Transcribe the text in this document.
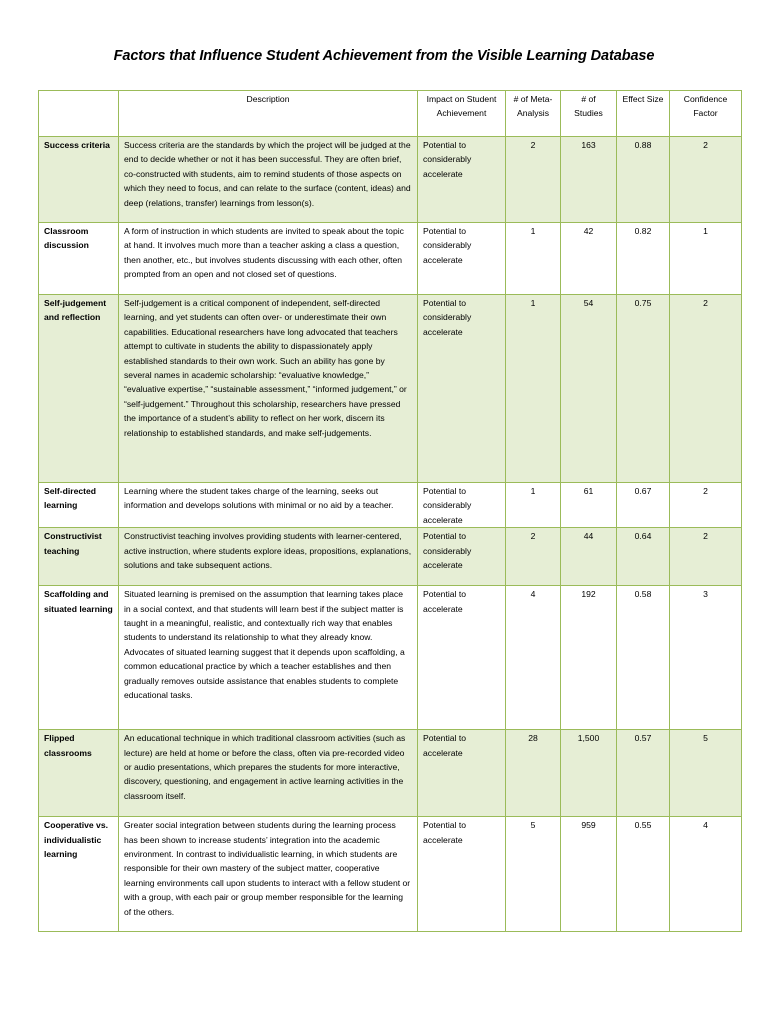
Factors that Influence Student Achievement from the Visible Learning Database
	Description	Impact on Student Achievement	# of Meta-Analysis	# of Studies	Effect Size	Confidence Factor
Success criteria	Success criteria are the standards by which the project will be judged at the end to decide whether or not it has been successful. They are often brief, co-constructed with students, aim to remind students of those aspects on which they need to focus, and can relate to the surface (content, ideas) and deep (relations, transfer) learnings from lesson(s).	Potential to considerably accelerate	2	163	0.88	2
Classroom discussion	A form of instruction in which students are invited to speak about the topic at hand. It involves much more than a teacher asking a class a question, then another, etc., but involves students discussing with each other, often prompted from an open and not closed set of questions.	Potential to considerably accelerate	1	42	0.82	1
Self-judgement and reflection	Self-judgement is a critical component of independent, self-directed learning, and yet students can often over- or underestimate their own capabilities. Educational researchers have long advocated that teachers attempt to cultivate in students the ability to dispassionately apply established standards to their own work. Such an ability has gone by several names in academic scholarship: “evaluative knowledge,” “evaluative expertise,” “sustainable assessment,” “informed judgement,” or “self-judgement.” Throughout this scholarship, researchers have pressed the importance of a student’s ability to reflect on her work, discern its relationship to established standards, and make self-judgements.	Potential to considerably accelerate	1	54	0.75	2
Self-directed learning	Learning where the student takes charge of the learning, seeks out information and develops solutions with minimal or no aid by a teacher.	Potential to considerably accelerate	1	61	0.67	2
Constructivist teaching	Constructivist teaching involves providing students with learner-centered, active instruction, where students explore ideas, propositions, explanations, solutions and take subsequent actions.	Potential to considerably accelerate	2	44	0.64	2
Scaffolding and situated learning	Situated learning is premised on the assumption that learning takes place in a social context, and that students will learn best if the subject matter is taught in a meaningful, realistic, and contextually rich way that enables students to understand its relationship to what they already know. Advocates of situated learning suggest that it depends upon scaffolding, a common educational practice by which a teacher establishes and then gradually removes outside assistance that enables students to complete educational tasks.	Potential to accelerate	4	192	0.58	3
Flipped classrooms	An educational technique in which traditional classroom activities (such as lecture) are held at home or before the class, often via pre-recorded video or audio presentations, which prepares the students for more interactive, discovery, questioning, and engagement in active learning activities in the classroom itself.	Potential to accelerate	28	1,500	0.57	5
Cooperative vs. individualistic learning	Greater social integration between students during the learning process has been shown to increase students’ integration into the academic environment. In contrast to individualistic learning, in which students are responsible for their own mastery of the subject matter, cooperative learning environments call upon students to interact with a fellow student or with a group, with each pair or group member responsible for the learning of the others.	Potential to accelerate	5	959	0.55	4
